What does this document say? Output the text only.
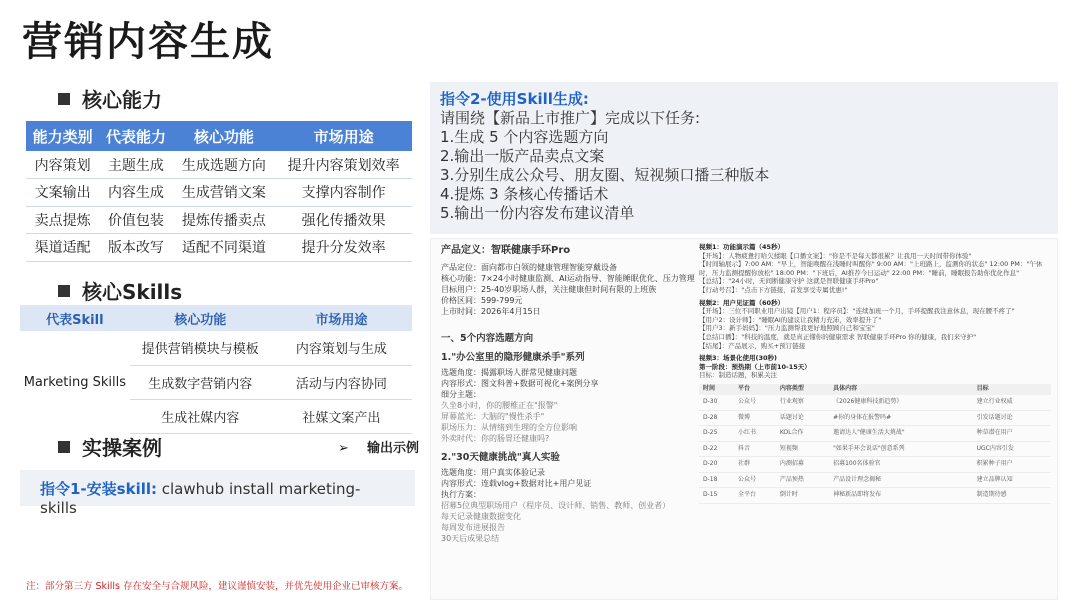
营销内容生成
核心能力
能力类别	代表能力	核心功能	市场用途
内容策划	主题生成	生成选题方向	提升内容策划效率
文案输出	内容生成	生成营销文案	支撑内容制作
卖点提炼	价值包装	提炼传播卖点	强化传播效果
渠道适配	版本改写	适配不同渠道	提升分发效率
核心Skills
代表Skill	核心功能	市场用途
Marketing Skills	提供营销模块与模板	内容策划与生成
	生成数字营销内容	活动与内容协同
	生成社媒内容	社媒文案产出
实操案例	➢ 输出示例
指令1-安装skill: clawhub install marketing-skills
注：部分第三方 Skills 存在安全与合规风险，建议谨慎安装，并优先使用企业已审核方案。
指令2-使用Skill生成:
请围绕【新品上市推广】完成以下任务:
1.生成 5 个内容选题方向
2.输出一版产品卖点文案
3.分别生成公众号、朋友圈、短视频口播三种版本
4.提炼 3 条核心传播话术
5.输出一份内容发布建议清单
产品定义：智联健康手环Pro
产品定位：面向都市白领的健康管理智能穿戴设备
核心功能：7×24小时健康监测、AI运动指导、智能睡眠优化、压力管理
目标用户：25-40岁职场人群，关注健康但时间有限的上班族
价格区间：599-799元
上市时间：2026年4月15日
一、5个内容选题方向
1."办公室里的隐形健康杀手"系列
选题角度：揭露职场人群常见健康问题
内容形式：图文科普+数据可视化+案例分享
细分主题：
久坐8小时，你的腰椎正在"报警"
屏幕蓝光：大脑的"慢性杀手"
职场压力：从情绪到生理的全方位影响
外卖时代：你的肠胃还健康吗?
2."30天健康挑战"真人实验
选题角度：用户真实体验记录
内容形式：连载vlog+数据对比+用户见证
执行方案：
招募5位典型职场用户（程序员、设计师、销售、教师、创业者）
每天记录健康数据变化
每周发布进展报告
30天后成果总结
视频1：功能演示篇（45秒）
【开场】：人物疲惫打哈欠揉眼【口播文案】："你是不是每天都很累？让我用一天时间带你体验"
【时间轴展示】7:00 AM："早上，智能唤醒在浅睡时叫醒你" 9:00 AM："上班路上，监测你的状态" 12:00 PM："午休时，压力监测提醒你放松" 18:00 PM："下班后，AI推荐今日运动" 22:00 PM："睡前，睡眠报告助你优化作息"
【总结】："24小时，无间断健康守护 这就是智联健康手环Pro"
【行动号召】："点击下方链接，首发享受专属优惠!"
视频2：用户见证篇（60秒）
【开场】：三位不同职业用户出镜【用户1：程序员】："连续加班一个月，手环提醒我注意休息，现在腰不疼了"
【用户2：设计师】："睡眠AI的建议让我精力充沛，效率提升了"
【用户3：新手妈妈】："压力监测帮我更好地照顾自己和宝宝"
【总结口播】："科技的温度，就是真正懂你的健康需求 智联健康手环Pro 你的健康，我们来守护"
【结尾】：产品展示，购买+预订链接
视频3：场景化使用(30秒)
第一阶段：预热期（上市前10-15天）
目标：制造话题，积累关注
时间	平台	内容类型	具体内容	目标
D-30	公众号	行业观察	《2026健康科技新趋势》	建立行业权威
D-28	微博	话题讨论	#你的身体在报警吗#	引发话题讨论
D-25	小红书	KOL合作	邀请达人"健康生活大挑战"	种草潜在用户
D-22	抖音	短视频	"如果手环会说话"创意系列	UGC内容引发
D-20	社群	内测招募	招募100名体验官	积累种子用户
D-18	公众号	产品预热	产品设计理念揭秘	建立品牌认知
D-15	全平台	倒计时	神秘新品即将发布	制造期待感
